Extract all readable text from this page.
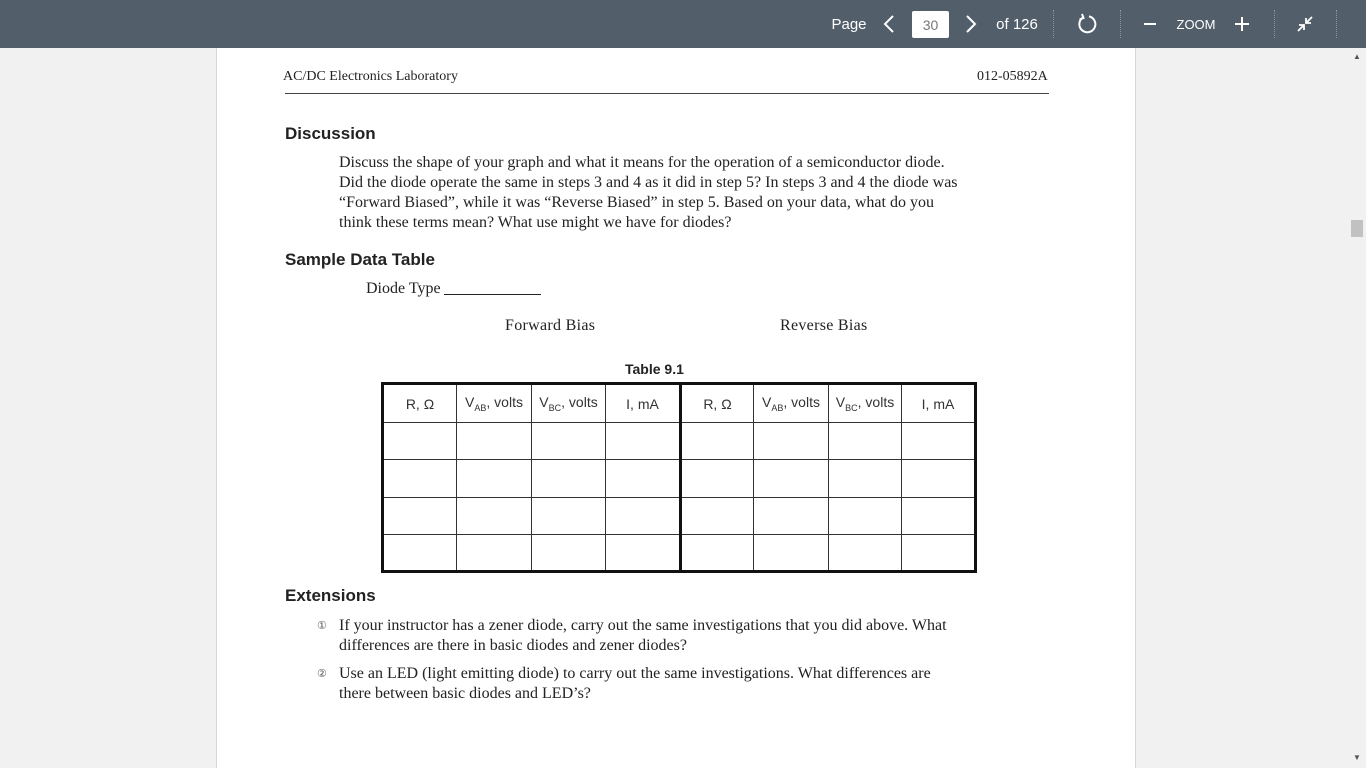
Page
30	of 126	ZOOM
▲
▼
AC/DC Electronics Laboratory	012-05892A
Discussion
Discuss the shape of your graph and what it means for the operation of a semiconductor diode.
Did the diode operate the same in steps 3 and 4 as it did in step 5? In steps 3 and 4 the diode was
“Forward Biased”, while it was “Reverse Biased” in step 5. Based on your data, what do you
think these terms mean? What use might we have for diodes?
Sample Data Table
Diode Type
Forward Bias	Reverse Bias
Table 9.1
R, Ω	$V_{AB}$, volts	$V_{BC}$, volts	I, mA	R, Ω	$V_{AB}$, volts	$V_{BC}$, volts	I, mA

Extensions
① If your instructor has a zener diode, carry out the same investigations that you did above. What
differences are there in basic diodes and zener diodes?
② Use an LED (light emitting diode) to carry out the same investigations. What differences are
there between basic diodes and LED’s?
